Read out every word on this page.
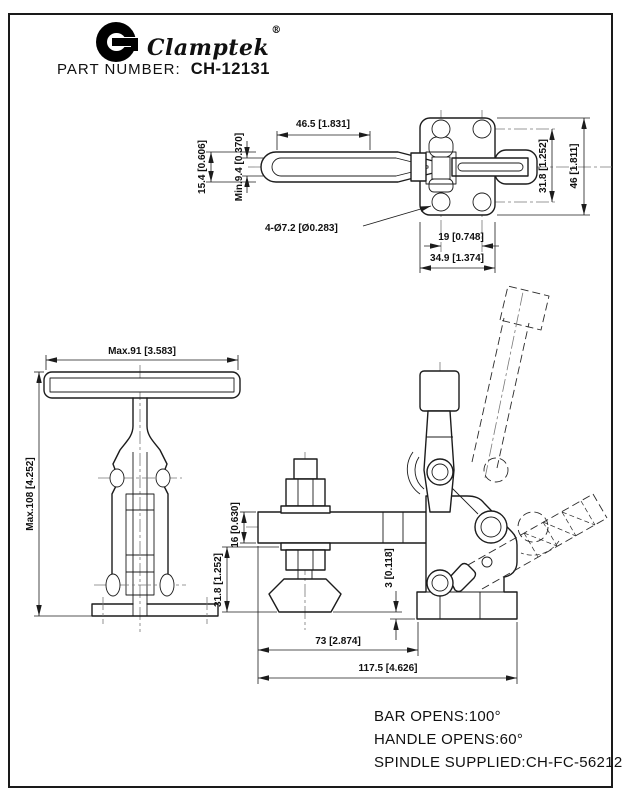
Clamptek®
PART NUMBER: CH-12131
46.5 [1.831]
15.4 [0.606]	Min.9.4 [0.370]
4-Ø7.2 [Ø0.283]
19 [0.748]
34.9 [1.374]
31.8 [1.252] 46 [1.811]
Max.91 [3.583]
Max.108 [4.252]	16 [0.630]
31.8 [1.252]	3 [0.118]
73 [2.874]
117.5 [4.626]
BAR OPENS:100°
HANDLE OPENS:60°
SPINDLE SUPPLIED:CH-FC-56212
